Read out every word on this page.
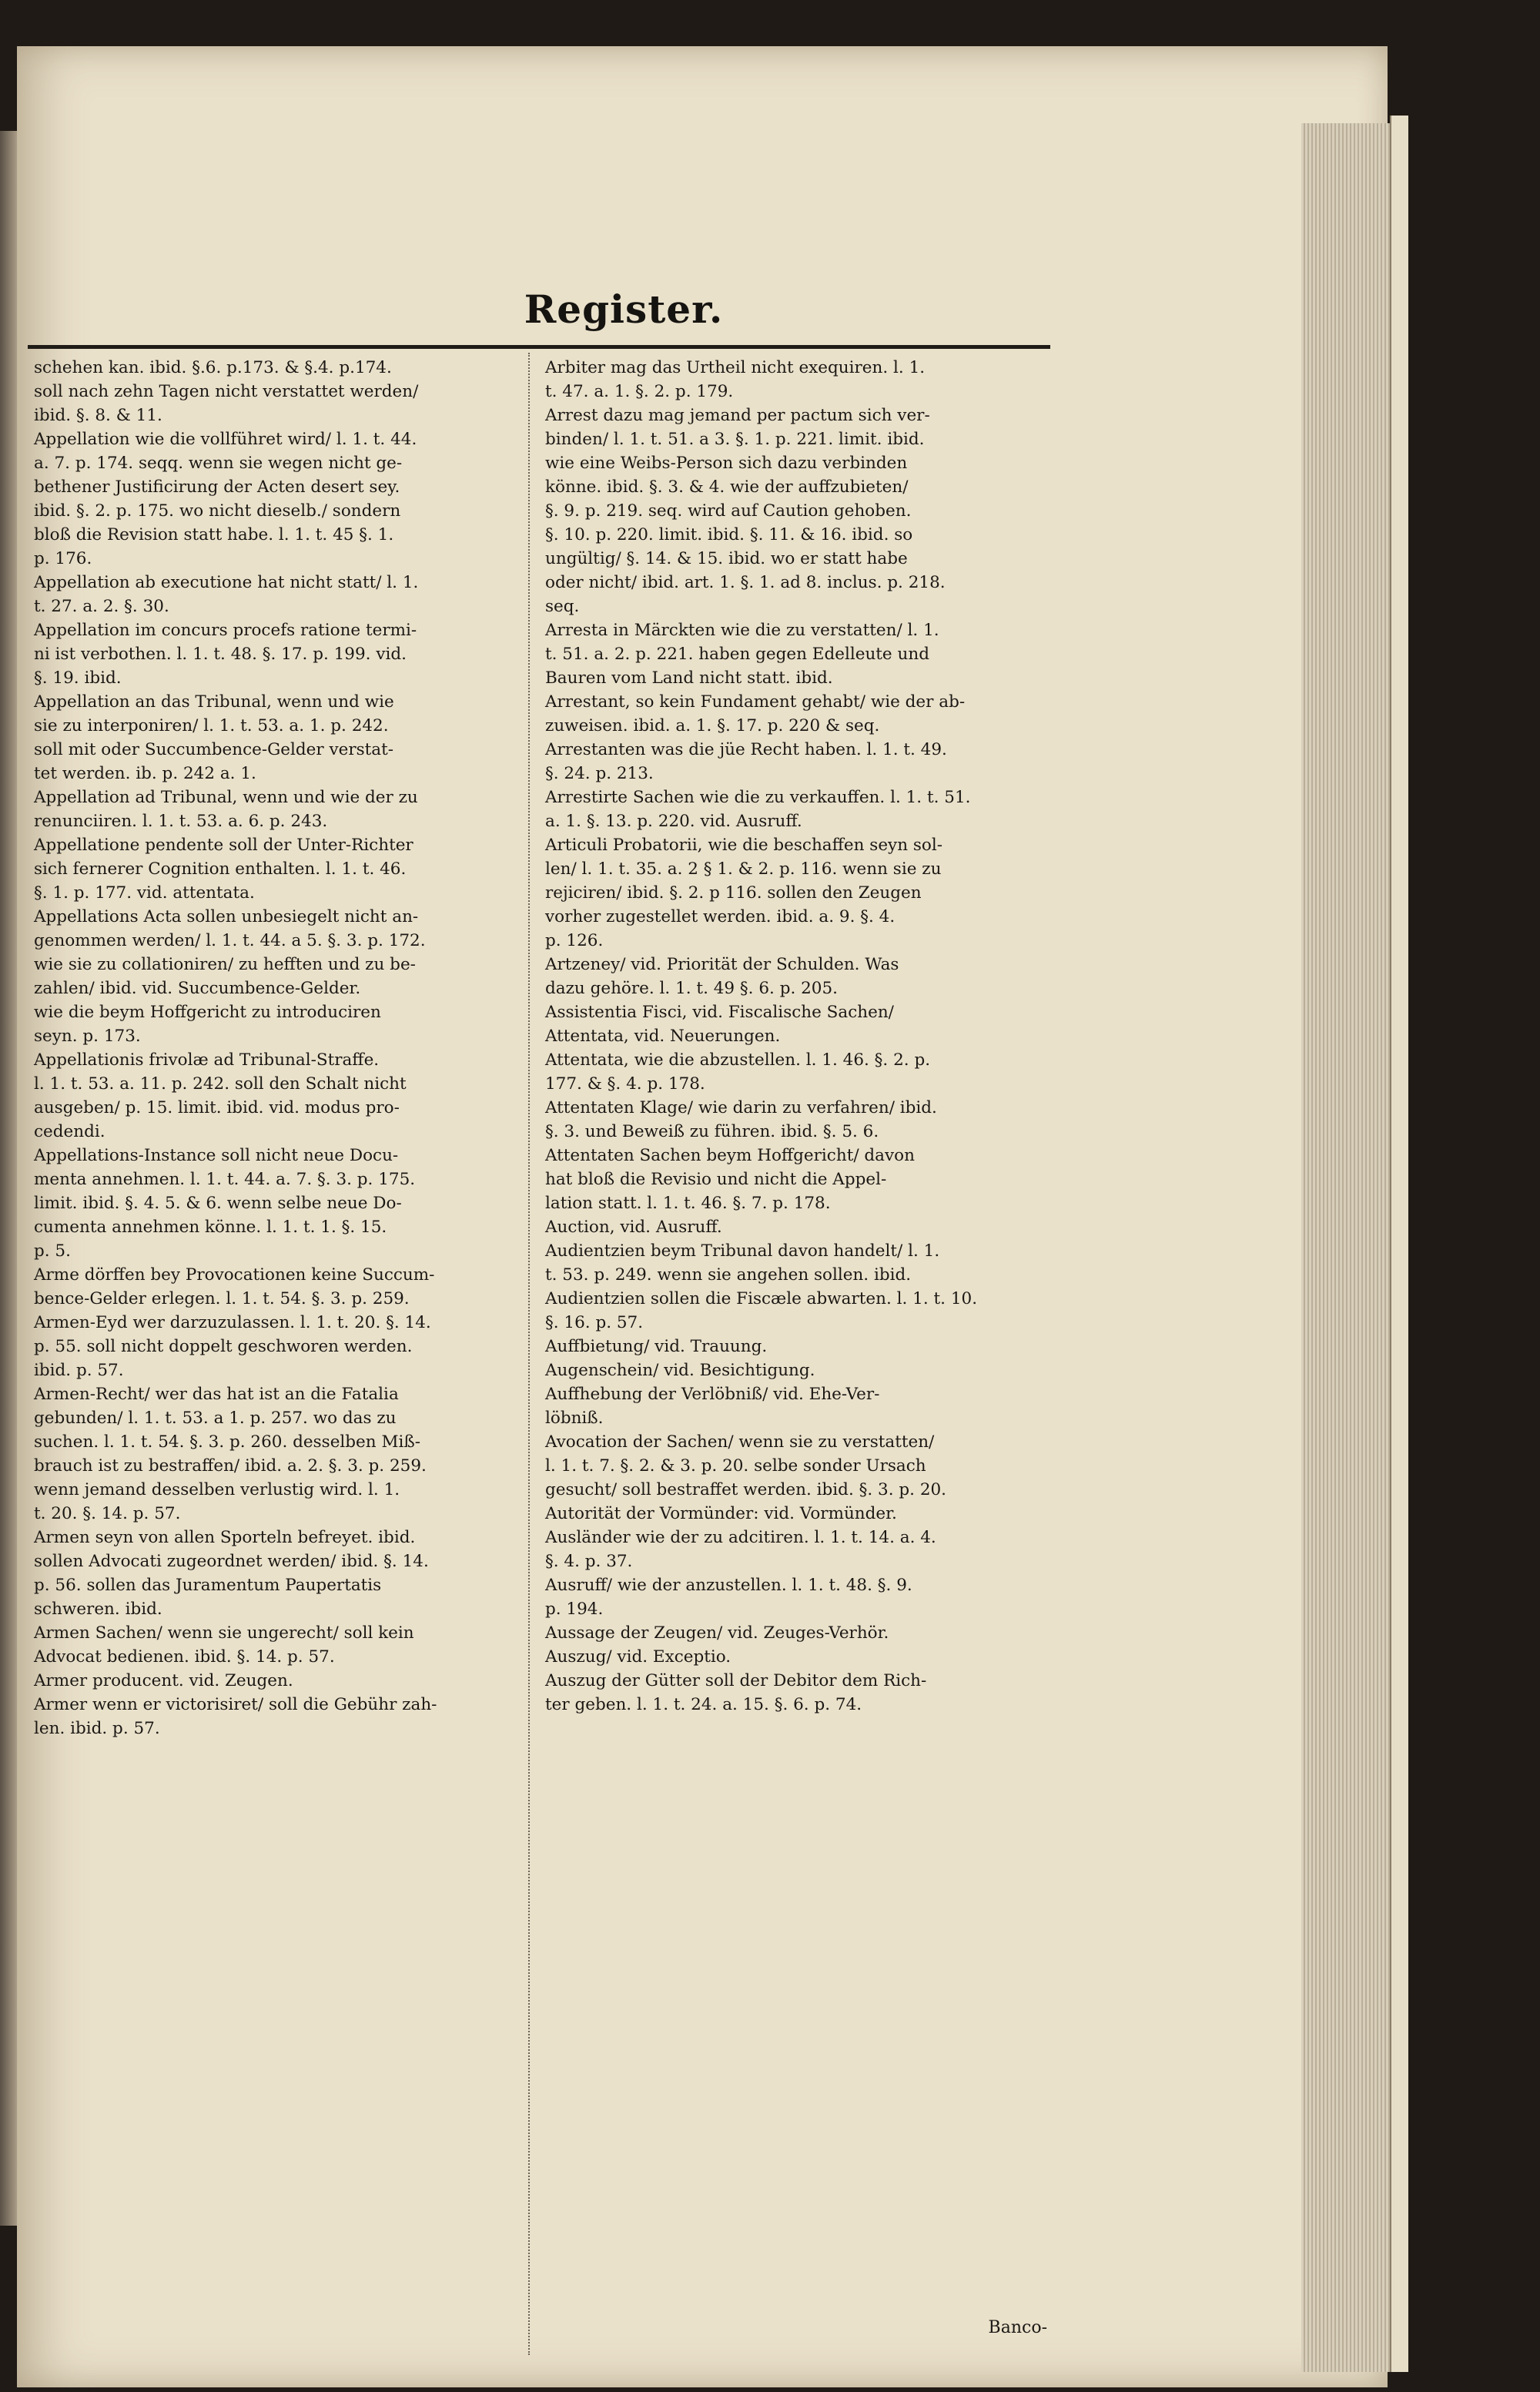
Register.
schehen kan. ibid. §.6. p.173. & §.4. p.174.
soll nach zehn Tagen nicht verstattet werden/
ibid. §. 8. & 11.
Appellation wie die vollführet wird/ l. 1. t. 44.
a. 7. p. 174. seqq. wenn sie wegen nicht ge-
bethener Justificirung der Acten desert sey.
ibid. §. 2. p. 175. wo nicht dieselb./ sondern
bloß die Revision statt habe. l. 1. t. 45 §. 1.
p. 176.
Appellation ab executione hat nicht statt/ l. 1.
t. 27. a. 2. §. 30.
Appellation im concurs procefs ratione termi-
ni ist verbothen. l. 1. t. 48. §. 17. p. 199. vid.
§. 19. ibid.
Appellation an das Tribunal, wenn und wie
sie zu interponiren/ l. 1. t. 53. a. 1. p. 242.
soll mit oder Succumbence-Gelder verstat-
tet werden. ib. p. 242 a. 1.
Appellation ad Tribunal, wenn und wie der zu
renunciiren. l. 1. t. 53. a. 6. p. 243.
Appellatione pendente soll der Unter-Richter
sich fernerer Cognition enthalten. l. 1. t. 46.
§. 1. p. 177. vid. attentata.
Appellations Acta sollen unbesiegelt nicht an-
genommen werden/ l. 1. t. 44. a 5. §. 3. p. 172.
wie sie zu collationiren/ zu hefften und zu be-
zahlen/ ibid. vid. Succumbence-Gelder.
wie die beym Hoffgericht zu introduciren
seyn. p. 173.
Appellationis frivolæ ad Tribunal-Straffe.
l. 1. t. 53. a. 11. p. 242. soll den Schalt nicht
ausgeben/ p. 15. limit. ibid. vid. modus pro-
cedendi.
Appellations-Instance soll nicht neue Docu-
menta annehmen. l. 1. t. 44. a. 7. §. 3. p. 175.
limit. ibid. §. 4. 5. & 6. wenn selbe neue Do-
cumenta annehmen könne. l. 1. t. 1. §. 15.
p. 5.
Arme dörffen bey Provocationen keine Succum-
bence-Gelder erlegen. l. 1. t. 54. §. 3. p. 259.
Armen-Eyd wer darzuzulassen. l. 1. t. 20. §. 14.
p. 55. soll nicht doppelt geschworen werden.
ibid. p. 57.
Armen-Recht/ wer das hat ist an die Fatalia
gebunden/ l. 1. t. 53. a 1. p. 257. wo das zu
suchen. l. 1. t. 54. §. 3. p. 260. desselben Miß-
brauch ist zu bestraffen/ ibid. a. 2. §. 3. p. 259.
wenn jemand desselben verlustig wird. l. 1.
t. 20. §. 14. p. 57.
Armen seyn von allen Sporteln befreyet. ibid.
sollen Advocati zugeordnet werden/ ibid. §. 14.
p. 56. sollen das Juramentum Paupertatis
schweren. ibid.
Armen Sachen/ wenn sie ungerecht/ soll kein
Advocat bedienen. ibid. §. 14. p. 57.
Armer producent. vid. Zeugen.
Armer wenn er victorisiret/ soll die Gebühr zah-
len. ibid. p. 57.
Arbiter mag das Urtheil nicht exequiren. l. 1.
t. 47. a. 1. §. 2. p. 179.
Arrest dazu mag jemand per pactum sich ver-
binden/ l. 1. t. 51. a 3. §. 1. p. 221. limit. ibid.
wie eine Weibs-Person sich dazu verbinden
könne. ibid. §. 3. & 4. wie der auffzubieten/
§. 9. p. 219. seq. wird auf Caution gehoben.
§. 10. p. 220. limit. ibid. §. 11. & 16. ibid. so
ungültig/ §. 14. & 15. ibid. wo er statt habe
oder nicht/ ibid. art. 1. §. 1. ad 8. inclus. p. 218.
seq.
Arresta in Märckten wie die zu verstatten/ l. 1.
t. 51. a. 2. p. 221. haben gegen Edelleute und
Bauren vom Land nicht statt. ibid.
Arrestant, so kein Fundament gehabt/ wie der ab-
zuweisen. ibid. a. 1. §. 17. p. 220 & seq.
Arrestanten was die jüe Recht haben. l. 1. t. 49.
§. 24. p. 213.
Arrestirte Sachen wie die zu verkauffen. l. 1. t. 51.
a. 1. §. 13. p. 220. vid. Ausruff.
Articuli Probatorii, wie die beschaffen seyn sol-
len/ l. 1. t. 35. a. 2 § 1. & 2. p. 116. wenn sie zu
rejiciren/ ibid. §. 2. p 116. sollen den Zeugen
vorher zugestellet werden. ibid. a. 9. §. 4.
p. 126.
Artzeney/ vid. Priorität der Schulden. Was
dazu gehöre. l. 1. t. 49 §. 6. p. 205.
Assistentia Fisci, vid. Fiscalische Sachen/
Attentata, vid. Neuerungen.
Attentata, wie die abzustellen. l. 1. 46. §. 2. p.
177. & §. 4. p. 178.
Attentaten Klage/ wie darin zu verfahren/ ibid.
§. 3. und Beweiß zu führen. ibid. §. 5. 6.
Attentaten Sachen beym Hoffgericht/ davon
hat bloß die Revisio und nicht die Appel-
lation statt. l. 1. t. 46. §. 7. p. 178.
Auction, vid. Ausruff.
Audientzien beym Tribunal davon handelt/ l. 1.
t. 53. p. 249. wenn sie angehen sollen. ibid.
Audientzien sollen die Fiscæle abwarten. l. 1. t. 10.
§. 16. p. 57.
Auffbietung/ vid. Trauung.
Augenschein/ vid. Besichtigung.
Auffhebung der Verlöbniß/ vid. Ehe-Ver-
löbniß.
Avocation der Sachen/ wenn sie zu verstatten/
l. 1. t. 7. §. 2. & 3. p. 20. selbe sonder Ursach
gesucht/ soll bestraffet werden. ibid. §. 3. p. 20.
Autorität der Vormünder: vid. Vormünder.
Ausländer wie der zu adcitiren. l. 1. t. 14. a. 4.
§. 4. p. 37.
Ausruff/ wie der anzustellen. l. 1. t. 48. §. 9.
p. 194.
Aussage der Zeugen/ vid. Zeuges-Verhör.
Auszug/ vid. Exceptio.
Auszug der Gütter soll der Debitor dem Rich-
ter geben. l. 1. t. 24. a. 15. §. 6. p. 74.
Banco-
